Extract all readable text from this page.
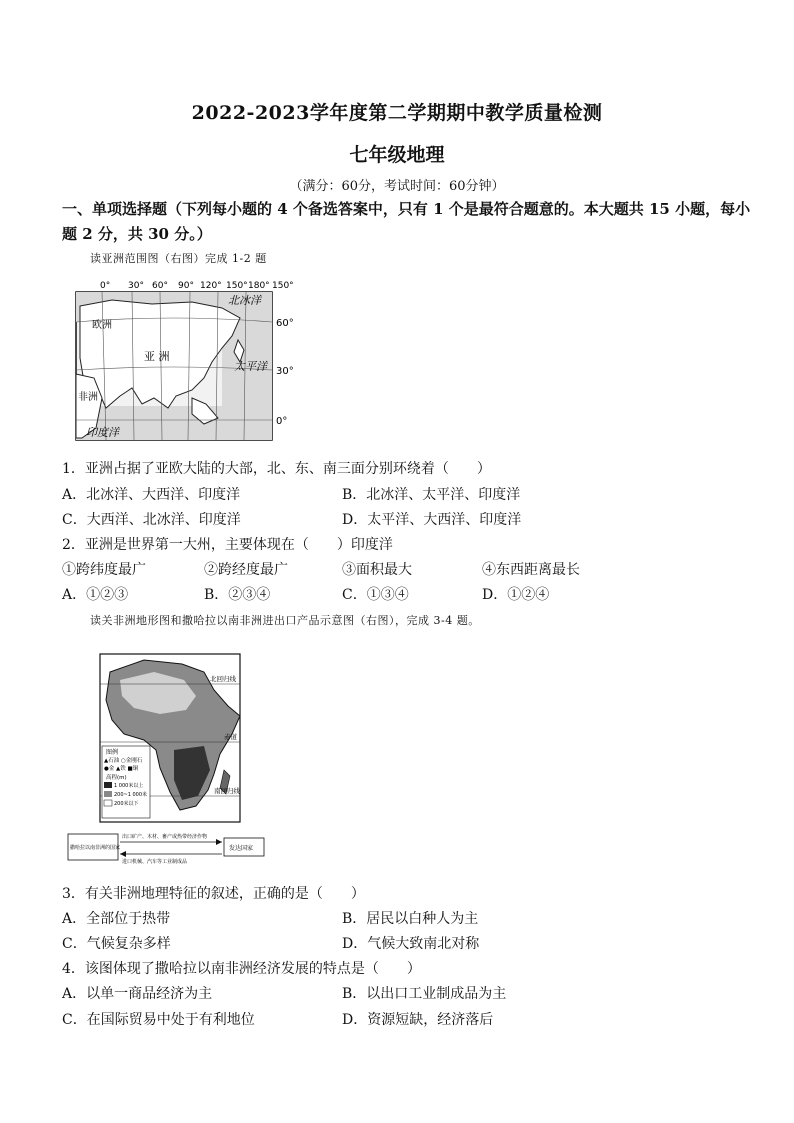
2022-2023学年度第二学期期中教学质量检测
七年级地理
（满分：60分，考试时间：60分钟）
一、单项选择题（下列每小题的 4 个备选答案中，只有 1 个是最符合题意的。本大题共 15 小题，每小题 2 分，共 30 分。）
读亚洲范围图（右图）完成 1-2 题
0° 30° 60° 90° 120° 150° 180° 150°
60°
30°
0°
北冰洋
欧洲
亚 洲
太平洋
非洲
印度洋
1．亚洲占据了亚欧大陆的大部，北、东、南三面分别环绕着（　　）
A．北冰洋、大西洋、印度洋	B．北冰洋、太平洋、印度洋
C．大西洋、北冰洋、印度洋	D．太平洋、大西洋、印度洋
2．亚洲是世界第一大州，主要体现在（　　）印度洋
①跨纬度最广	②跨经度最广	③面积最大	④东西距离最长
A．①②③	B．②③④	C．①③④	D．①②④
读关非洲地形图和撒哈拉以南非洲进出口产品示意图（右图），完成 3-4 题。
北回归线
赤道
南回归线
图例
▲石油 ○金刚石
●金 ▲铁 ■铜
高程(m)
1 000米以上
200~1 000米
200米以下
撒哈拉以南非洲的国家	发达国家
出口矿产、木材、畜产或热带经济作物
进口机械、汽车等工业制成品
3．有关非洲地理特征的叙述，正确的是（　　）
A．全部位于热带	B．居民以白种人为主
C．气候复杂多样	D．气候大致南北对称
4．该图体现了撒哈拉以南非洲经济发展的特点是（　　）
A．以单一商品经济为主	B．以出口工业制成品为主
C．在国际贸易中处于有利地位	D．资源短缺，经济落后
